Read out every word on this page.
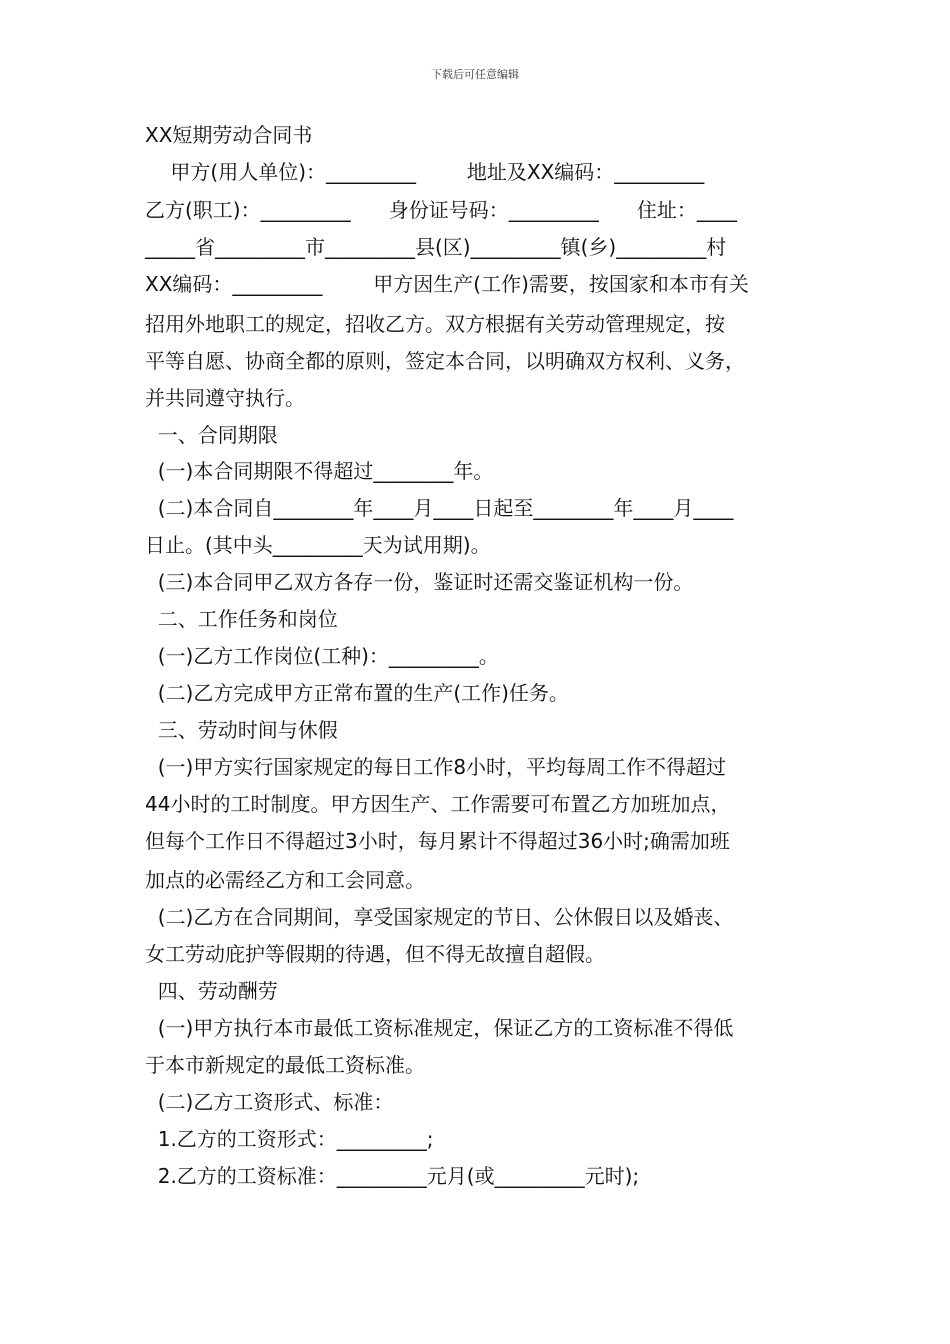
下载后可任意编辑
XX短期劳动合同书
甲方(用人单位)：_________        地址及XX编码：_________
乙方(职工)：_________      身份证号码：_________      住址：____
_____省_________市_________县(区)_________镇(乡)_________村
XX编码：_________        甲方因生产(工作)需要，按国家和本市有关
招用外地职工的规定，招收乙方。双方根据有关劳动管理规定，按
平等自愿、协商全都的原则，签定本合同，以明确双方权利、义务，
并共同遵守执行。
一、合同期限
(一)本合同期限不得超过________年。
(二)本合同自________年____月____日起至________年____月____
日止。(其中头_________天为试用期)。
(三)本合同甲乙双方各存一份，鉴证时还需交鉴证机构一份。
二、工作任务和岗位
(一)乙方工作岗位(工种)：_________。
(二)乙方完成甲方正常布置的生产(工作)任务。
三、劳动时间与休假
(一)甲方实行国家规定的每日工作8小时，平均每周工作不得超过
44小时的工时制度。甲方因生产、工作需要可布置乙方加班加点，
但每个工作日不得超过3小时，每月累计不得超过36小时;确需加班
加点的必需经乙方和工会同意。
(二)乙方在合同期间，享受国家规定的节日、公休假日以及婚丧、
女工劳动庇护等假期的待遇，但不得无故擅自超假。
四、劳动酬劳
(一)甲方执行本市最低工资标准规定，保证乙方的工资标准不得低
于本市新规定的最低工资标准。
(二)乙方工资形式、标准：
1.乙方的工资形式：_________;
2.乙方的工资标准：_________元月(或_________元时);
